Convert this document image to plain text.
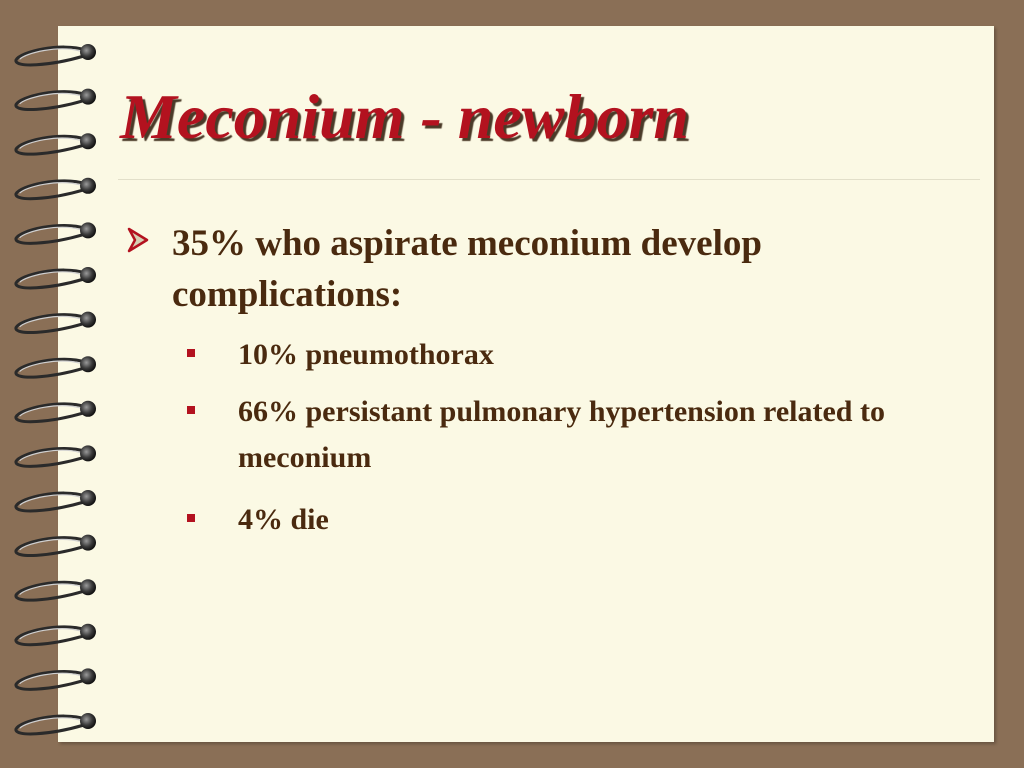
Meconium - newborn
35% who aspirate meconium develop complications:
10% pneumothorax
66% persistant pulmonary hypertension related to meconium
4% die
